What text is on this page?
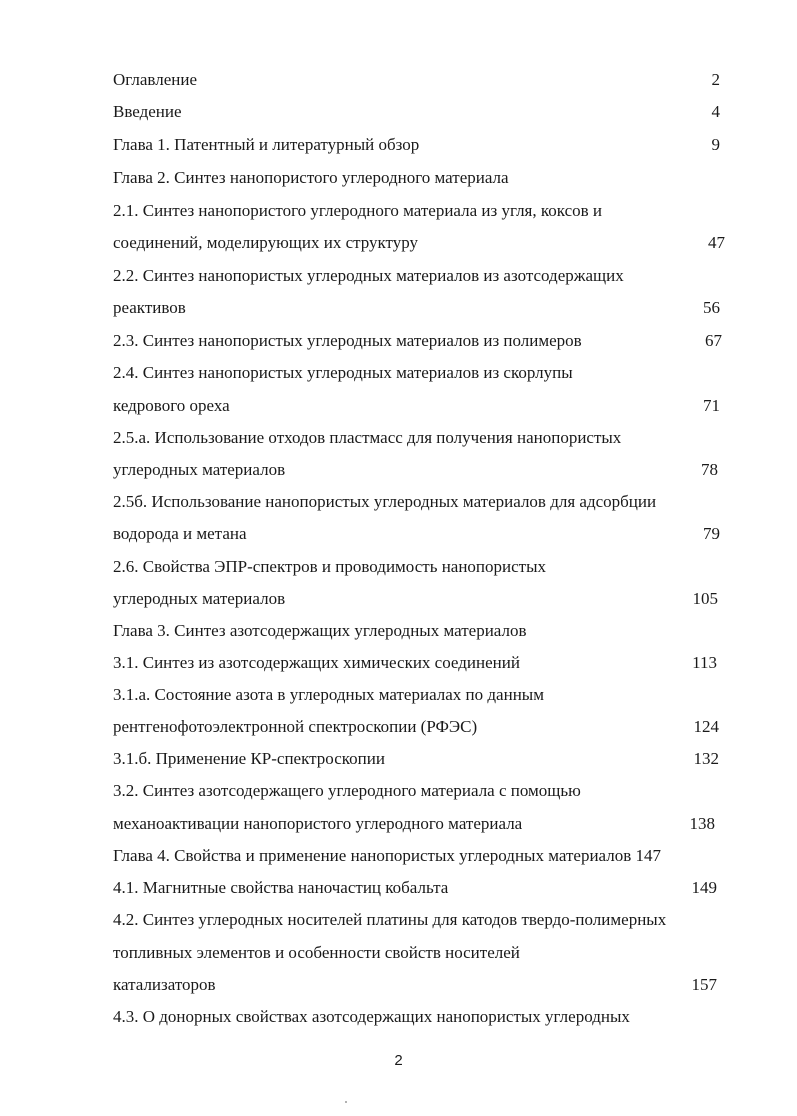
Оглавление	2
Введение	4
Глава 1. Патентный и литературный обзор	9
Глава 2. Синтез нанопористого углеродного материала
2.1. Синтез нанопористого углеродного материала из угля, коксов и
соединений, моделирующих их структуру	47
2.2. Синтез нанопористых углеродных материалов из азотсодержащих
реактивов	56
2.3. Синтез нанопористых углеродных материалов из полимеров	67
2.4. Синтез нанопористых углеродных материалов из скорлупы
кедрового ореха	71
2.5.а. Использование отходов пластмасс для получения нанопористых
углеродных материалов	78
2.5б. Использование нанопористых углеродных материалов для адсорбции
водорода и метана	79
2.6. Свойства ЭПР-спектров и проводимость нанопористых
углеродных материалов	105
Глава 3. Синтез азотсодержащих углеродных материалов
3.1. Синтез из азотсодержащих химических соединений	113
3.1.а. Состояние азота в углеродных материалах по данным
рентгенофотоэлектронной спектроскопии (РФЭС)	124
3.1.б. Применение КР-спектроскопии	132
3.2. Синтез азотсодержащего углеродного материала с помощью
механоактивации нанопористого углеродного материала	138
Глава 4. Свойства и применение нанопористых углеродных материалов 147
4.1. Магнитные свойства наночастиц кобальта	149
4.2. Синтез углеродных носителей платины для катодов твердо-полимерных
топливных элементов и особенности свойств носителей
катализаторов	157
4.3. О донорных свойствах азотсодержащих нанопористых углеродных
2
